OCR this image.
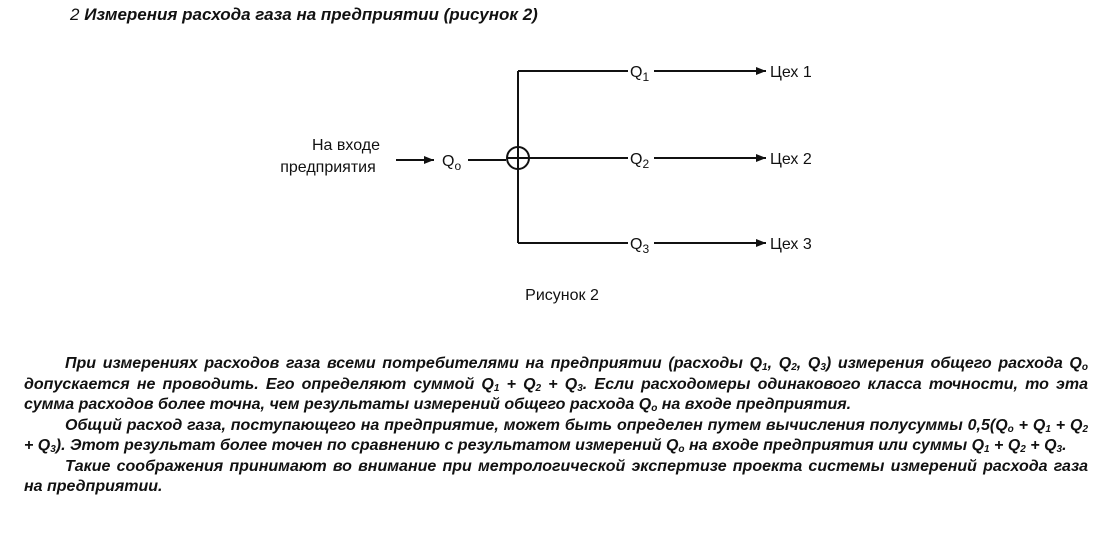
2 Измерения расхода газа на предприятии (рисунок 2)
На входе
предприятия	$Q_o$
$Q_1$	Цех 1
$Q_2$	Цех 2
$Q_3$	Цех 3
Рисунок 2

При измерениях расходов газа всеми потребителями на предприятии (расходы $Q_1$, $Q_2$, $Q_3$) измерения общего расхода $Q_o$ допускается не проводить. Его определяют суммой $Q_1 + Q_2 + Q_3$. Если расходомеры одинакового класса точности, то эта сумма расходов более точна, чем результаты измерений общего расхода $Q_o$ на входе предприятия.

Общий расход газа, поступающего на предприятие, может быть определен путем вычисления полусуммы $0,5(Q_o + Q_1 + Q_2 + Q_3)$. Этот результат более точен по сравнению с результатом измерений $Q_o$ на входе предприятия или суммы $Q_1 + Q_2 + Q_3$.

Такие соображения принимают во внимание при метрологической экспертизе проекта системы измерений расхода газа на предприятии.
